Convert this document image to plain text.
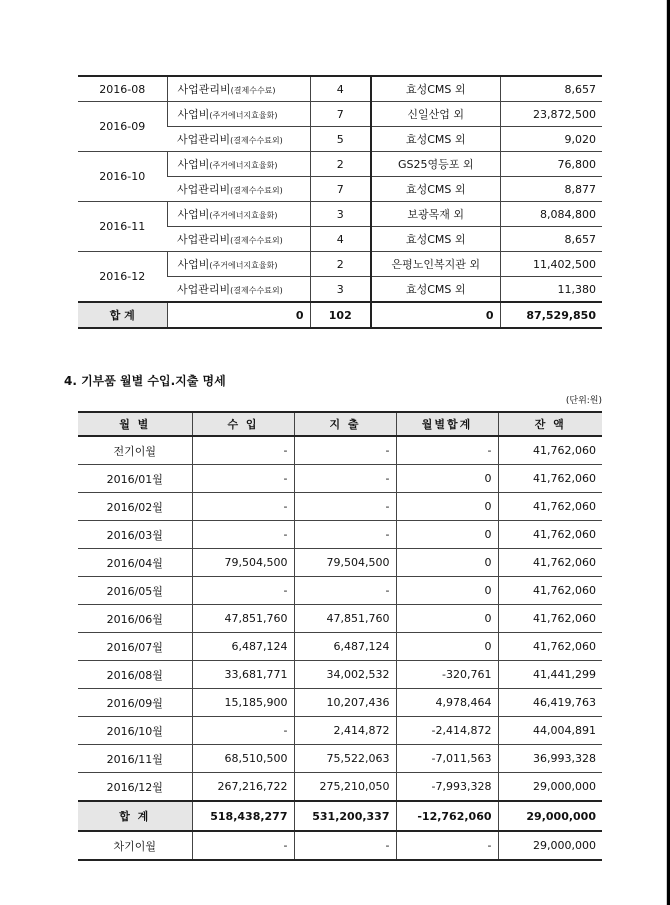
2016-08	사업관리비(결제수수료)	4	효성CMS 외	8,657
2016-09	사업비(주거에너지효율화)	7	신일산업 외	23,872,500
	사업관리비(결제수수료외)	5	효성CMS 외	9,020
2016-10	사업비(주거에너지효율화)	2	GS25영등포 외	76,800
	사업관리비(결제수수료외)	7	효성CMS 외	8,877
2016-11	사업비(주거에너지효율화)	3	보광목재 외	8,084,800
	사업관리비(결제수수료외)	4	효성CMS 외	8,657
2016-12	사업비(주거에너지효율화)	2	은평노인복지관 외	11,402,500
	사업관리비(결제수수료외)	3	효성CMS 외	11,380
합 계	0	102	0	87,529,850
4. 기부품 월별 수입.지출 명세
(단위:원)
월 별	수 입	지 출	월별합계	잔 액
전기이월	-	-	-	41,762,060
2016/01월	-	-	0	41,762,060
2016/02월	-	-	0	41,762,060
2016/03월	-	-	0	41,762,060
2016/04월	79,504,500	79,504,500	0	41,762,060
2016/05월	-	-	0	41,762,060
2016/06월	47,851,760	47,851,760	0	41,762,060
2016/07월	6,487,124	6,487,124	0	41,762,060
2016/08월	33,681,771	34,002,532	-320,761	41,441,299
2016/09월	15,185,900	10,207,436	4,978,464	46,419,763
2016/10월	-	2,414,872	-2,414,872	44,004,891
2016/11월	68,510,500	75,522,063	-7,011,563	36,993,328
2016/12월	267,216,722	275,210,050	-7,993,328	29,000,000
합 계	518,438,277	531,200,337	-12,762,060	29,000,000
차기이월	-	-	-	29,000,000
